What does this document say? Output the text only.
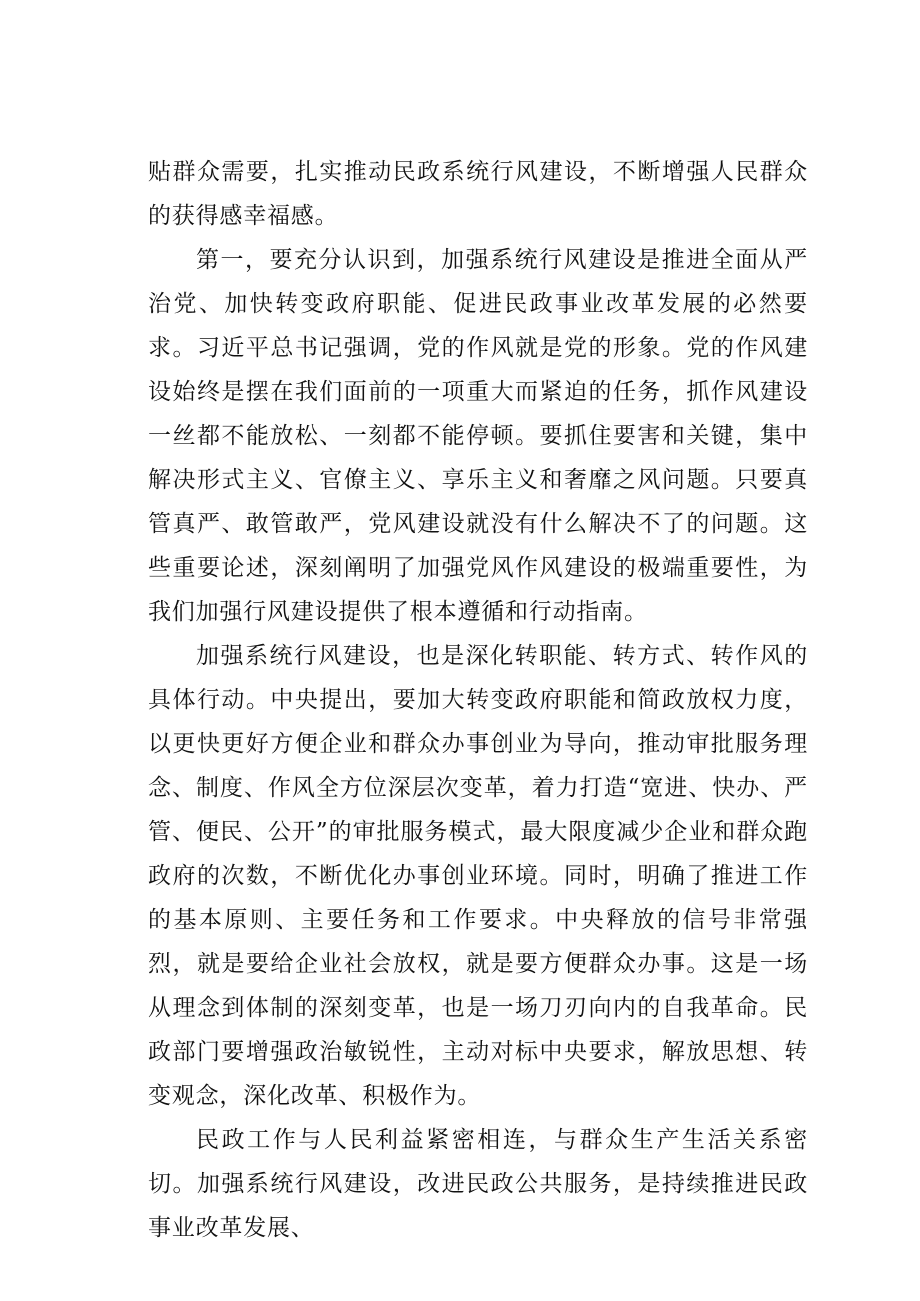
贴群众需要，扎实推动民政系统行风建设，不断增强人民群众的获得感幸福感。

第一，要充分认识到，加强系统行风建设是推进全面从严治党、加快转变政府职能、促进民政事业改革发展的必然要求。习近平总书记强调，党的作风就是党的形象。党的作风建设始终是摆在我们面前的一项重大而紧迫的任务，抓作风建设一丝都不能放松、一刻都不能停顿。要抓住要害和关键，集中解决形式主义、官僚主义、享乐主义和奢靡之风问题。只要真管真严、敢管敢严，党风建设就没有什么解决不了的问题。这些重要论述，深刻阐明了加强党风作风建设的极端重要性，为我们加强行风建设提供了根本遵循和行动指南。

加强系统行风建设，也是深化转职能、转方式、转作风的具体行动。中央提出，要加大转变政府职能和简政放权力度，以更快更好方便企业和群众办事创业为导向，推动审批服务理念、制度、作风全方位深层次变革，着力打造“宽进、快办、严管、便民、公开”的审批服务模式，最大限度减少企业和群众跑政府的次数，不断优化办事创业环境。同时，明确了推进工作的基本原则、主要任务和工作要求。中央释放的信号非常强烈，就是要给企业社会放权，就是要方便群众办事。这是一场从理念到体制的深刻变革，也是一场刀刃向内的自我革命。民政部门要增强政治敏锐性，主动对标中央要求，解放思想、转变观念，深化改革、积极作为。

民政工作与人民利益紧密相连，与群众生产生活关系密切。加强系统行风建设，改进民政公共服务，是持续推进民政事业改革发展、
